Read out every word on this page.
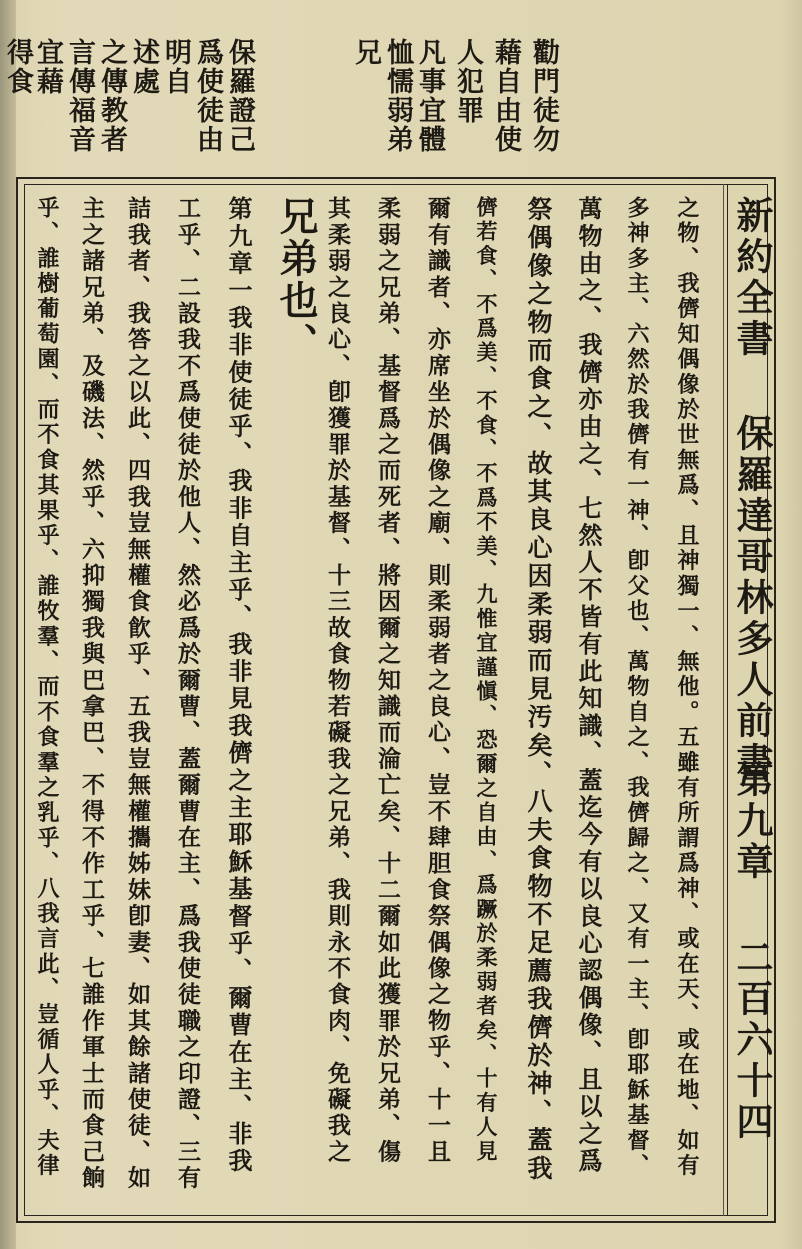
勸門徒勿
藉自由使
人犯罪
凡事宜體
恤懦弱弟
兄
保羅證己
爲使徒由
明自
述處
之傳教者
言傳福音
宜藉
得食
新約全書
保羅達哥林多人前書
第九章
二百六十四
之物、我儕知偶像於世無爲、且神獨一、無他。五雖有所謂爲神、或在天、或在地、如有
多神多主、六然於我儕有一神、卽父也、萬物自之、我儕歸之、又有一主、卽耶穌基督、
萬物由之、我儕亦由之、七然人不皆有此知識、蓋迄今有以良心認偶像、且以之爲
祭偶像之物而食之、故其良心因柔弱而見汚矣、八夫食物不足薦我儕於神、蓋我
儕若食、不爲美、不食、不爲不美、九惟宜謹愼、恐爾之自由、爲蹶於柔弱者矣、十有人見
爾有識者、亦席坐於偶像之廟、則柔弱者之良心、豈不肆胆食祭偶像之物乎、十一且
柔弱之兄弟、基督爲之而死者、將因爾之知識而淪亡矣、十二爾如此獲罪於兄弟、傷
其柔弱之良心、卽獲罪於基督、十三故食物若礙我之兄弟、我則永不食肉、免礙我之
兄弟也、
第九章一我非使徒乎、我非自主乎、我非見我儕之主耶穌基督乎、爾曹在主、非我
工乎、二設我不爲使徒於他人、然必爲於爾曹、蓋爾曹在主、爲我使徒職之印證、三有
詰我者、我答之以此、四我豈無權食飮乎、五我豈無權攜姊妹卽妻、如其餘諸使徒、如
主之諸兄弟、及磯法、然乎、六抑獨我與巴拿巴、不得不作工乎、七誰作軍士而食己餉
乎、誰樹葡萄園、而不食其果乎、誰牧羣、而不食羣之乳乎、八我言此、豈循人乎、夫律
